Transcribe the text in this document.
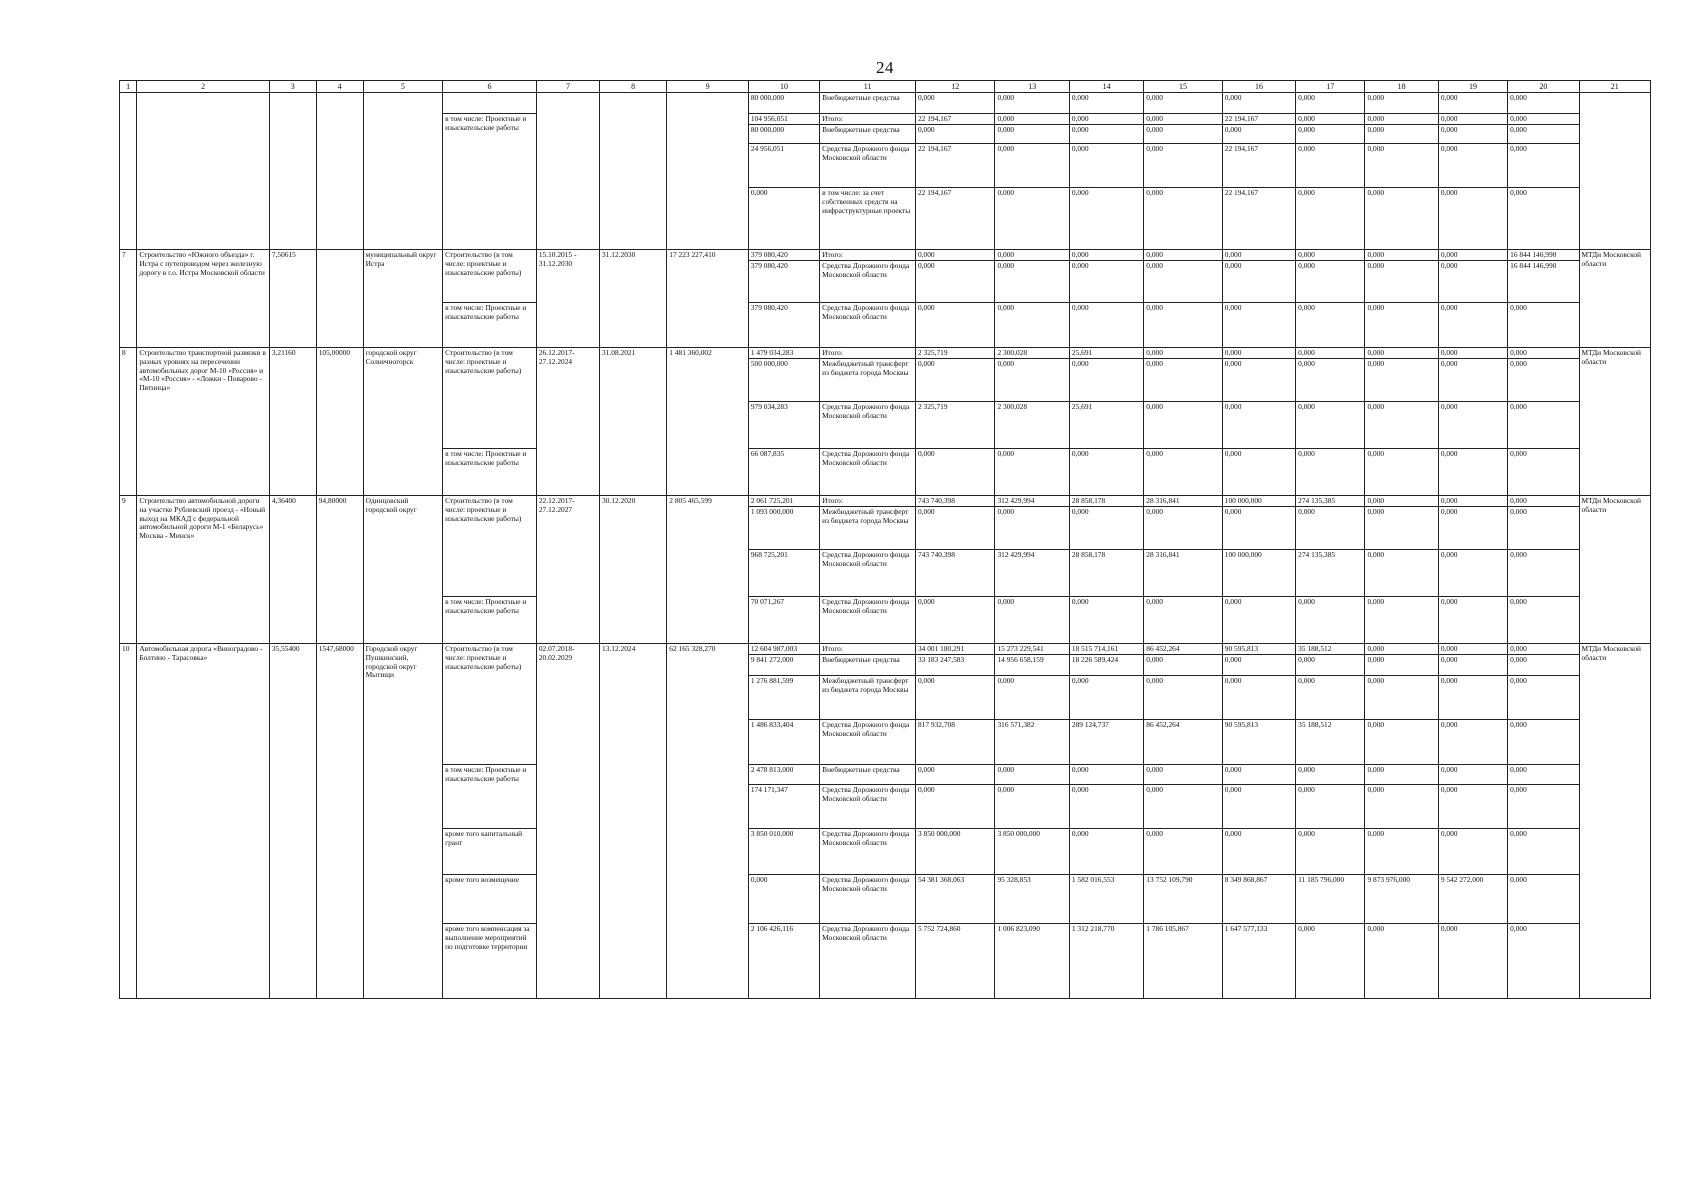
24
1	2	3	4	5	6	7	8	9	10	11	12	13	14	15	16	17	18	19	20	21
									80 000,000	Внебюджетные средства	0,000	0,000	0,000	0,000	0,000	0,000	0,000	0,000	0,000	
					в том числе: Проектные и изыскательские работы				104 956,051	Итого:	22 194,167	0,000	0,000	0,000	22 194,167	0,000	0,000	0,000	0,000	
									80 000,000	Внебюджетные средства	0,000	0,000	0,000	0,000	0,000	0,000	0,000	0,000	0,000	
									24 956,051	Средства Дорожного фонда Московской области	22 194,167	0,000	0,000	0,000	22 194,167	0,000	0,000	0,000	0,000	
									0,000	в том числе: за счет собственных средств на инфраструктурные проекты	22 194,167	0,000	0,000	0,000	22 194,167	0,000	0,000	0,000	0,000	
7	Строительство «Южного объезда» г. Истра с путепроводом через железную дорогу в г.о. Истра Московской области	7,50615		муниципальный округ Истра	Строительство (в том числе: проектные и изыскательские работы)	15.10.2015 - 31.12.2030	31.12.2030	17 223 227,410	379 080,420	Итого:	0,000	0,000	0,000	0,000	0,000	0,000	0,000	0,000	16 844 146,990	МТДи Московской области
									379 080,420	Средства Дорожного фонда Московской области	0,000	0,000	0,000	0,000	0,000	0,000	0,000	0,000	16 844 146,990	
					в том числе: Проектные и изыскательские работы				379 080,420	Средства Дорожного фонда Московской области	0,000	0,000	0,000	0,000	0,000	0,000	0,000	0,000	0,000	
8	Строительство транспортной развязки в разных уровнях на пересечении автомобильных дорог М-10 «Россия» и «М-10 «Россия» - «Ложки - Поварово - Пятница»	3,21160	105,00000	городской округ Солнечногорск	Строительство (в том числе: проектные и изыскательские работы)	26.12.2017- 27.12.2024	31.08.2021	1 481 360,002	1 479 034,283	Итого:	2 325,719	2 300,028	25,691	0,000	0,000	0,000	0,000	0,000	0,000	МТДи Московской области
									500 000,000	Межбюджетный трансферт из бюджета города Москвы	0,000	0,000	0,000	0,000	0,000	0,000	0,000	0,000	0,000	
									979 034,283	Средства Дорожного фонда Московской области	2 325,719	2 300,028	25,691	0,000	0,000	0,000	0,000	0,000	0,000	
					в том числе: Проектные и изыскательские работы				66 087,835	Средства Дорожного фонда Московской области	0,000	0,000	0,000	0,000	0,000	0,000	0,000	0,000	0,000	
9	Строительство автомобильной дороги на участке Рублевский проезд - «Новый выход на МКАД с федеральной автомобильной дороги М-1 «Беларусь» Москва - Минск»	4,36400	94,80000	Одинцовский городской округ	Строительство (в том числе: проектные и изыскательские работы)	22.12.2017- 27.12.2027	30.12.2020	2 805 465,599	2 061 725,201	Итого:	743 740,398	312 429,994	28 858,178	28 316,841	100 000,000	274 135,385	0,000	0,000	0,000	МТДи Московской области
									1 093 000,000	Межбюджетный трансферт из бюджета города Москвы	0,000	0,000	0,000	0,000	0,000	0,000	0,000	0,000	0,000	
									968 725,201	Средства Дорожного фонда Московской области	743 740,398	312 429,994	28 858,178	28 316,841	100 000,000	274 135,385	0,000	0,000	0,000	
					в том числе: Проектные и изыскательские работы				70 071,267	Средства Дорожного фонда Московской области	0,000	0,000	0,000	0,000	0,000	0,000	0,000	0,000	0,000	
10	Автомобильная дорога «Виноградово - Болтино - Тарасовка»	35,55400	1547,68000	Городской округ Пушкинский, городской округ Мытищи	Строительство (в том числе: проектные и изыскательские работы)	02.07.2018- 20.02.2029	13.12.2024	62 165 328,270	12 604 987,003	Итого:	34 001 180,291	15 273 229,541	18 515 714,161	86 452,264	90 595,813	35 188,512	0,000	0,000	0,000	МТДи Московской области
									9 841 272,000	Внебюджетные средства	33 183 247,583	14 956 658,159	18 226 589,424	0,000	0,000	0,000	0,000	0,000	0,000	
									1 276 881,599	Межбюджетный трансферт из бюджета города Москвы	0,000	0,000	0,000	0,000	0,000	0,000	0,000	0,000	0,000	
									1 486 833,404	Средства Дорожного фонда Московской области	817 932,708	316 571,382	289 124,737	86 452,264	90 595,813	35 188,512	0,000	0,000	0,000	
					в том числе: Проектные и изыскательские работы				2 478 813,000	Внебюджетные средства	0,000	0,000	0,000	0,000	0,000	0,000	0,000	0,000	0,000	
									174 171,347	Средства Дорожного фонда Московской области	0,000	0,000	0,000	0,000	0,000	0,000	0,000	0,000	0,000	
					кроме того капитальный грант				3 850 010,000	Средства Дорожного фонда Московской области	3 850 000,000	3 850 000,000	0,000	0,000	0,000	0,000	0,000	0,000	0,000	
					кроме того возмещение				0,000	Средства Дорожного фонда Московской области	54 381 368,063	95 328,853	1 582 016,553	13 752 109,790	8 349 868,867	11 185 796,000	9 873 976,000	9 542 272,000	0,000	
					кроме того компенсация за выполнение мероприятий по подготовке территории				2 106 426,116	Средства Дорожного фонда Московской области	5 752 724,860	1 006 823,090	1 312 218,770	1 786 105,867	1 647 577,133	0,000	0,000	0,000	0,000	
